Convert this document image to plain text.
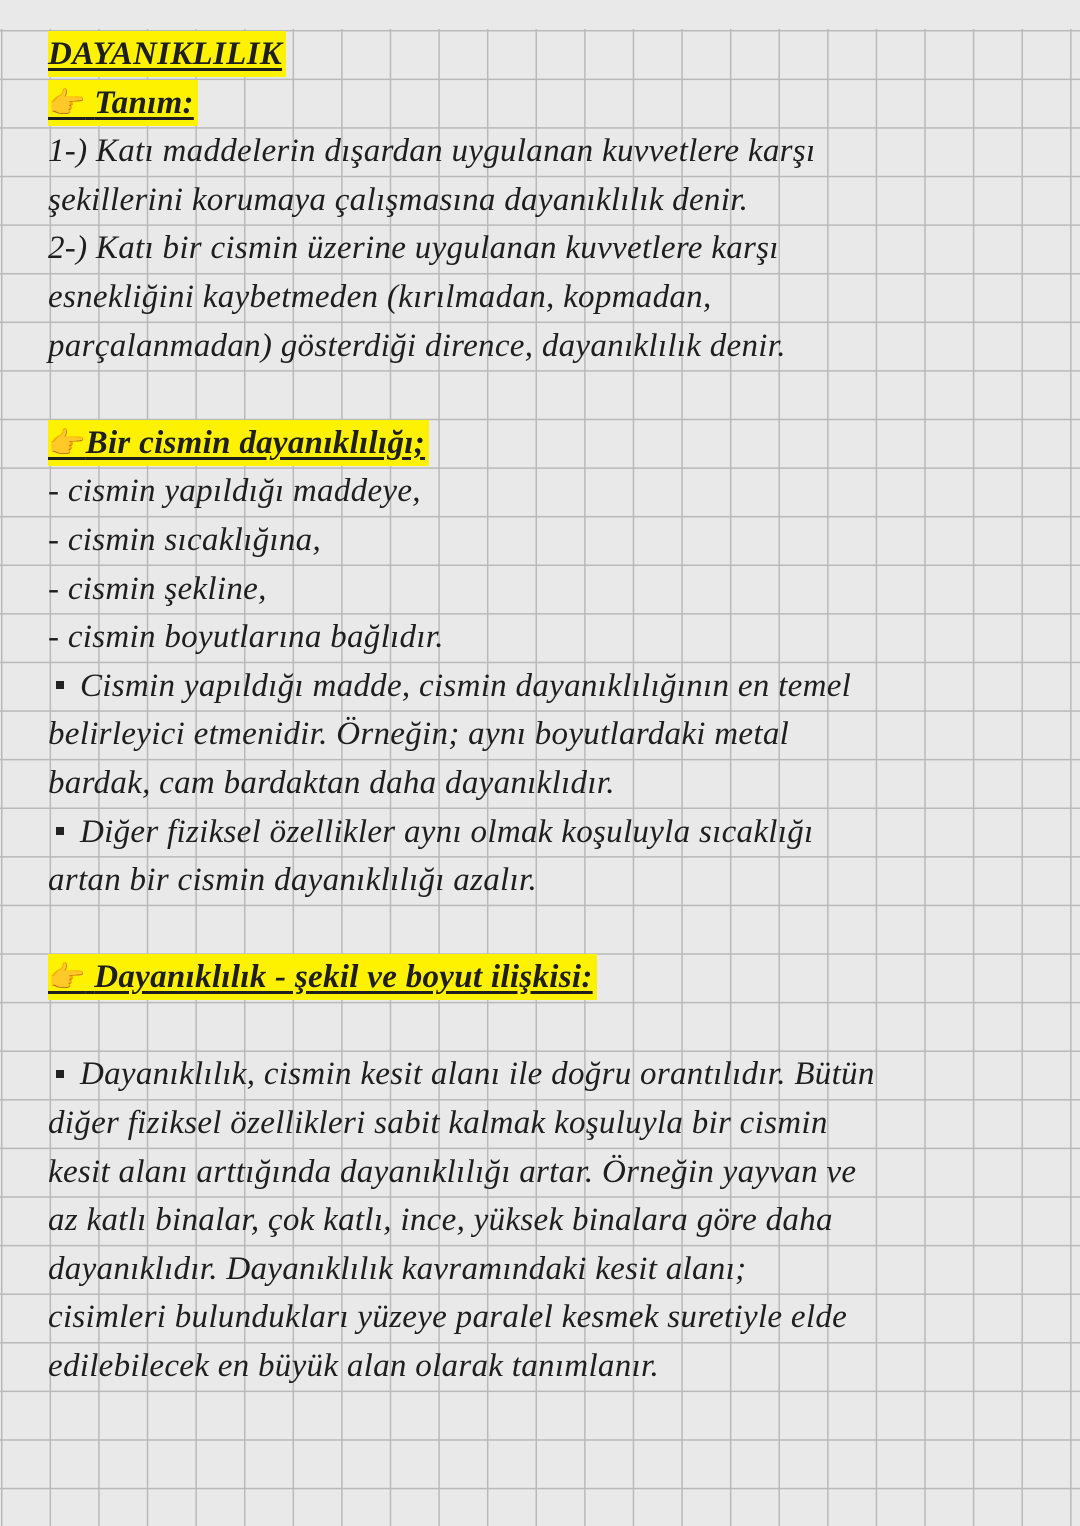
DAYANIKLILIK
👉 Tanım:
1-) Katı maddelerin dışardan uygulanan kuvvetlere karşı
şekillerini korumaya çalışmasına dayanıklılık denir.
2-) Katı bir cismin üzerine uygulanan kuvvetlere karşı
esnekliğini kaybetmeden (kırılmadan, kopmadan,
parçalanmadan) gösterdiği dirence, dayanıklılık denir.
👉Bir cismin dayanıklılığı;
- cismin yapıldığı maddeye,
- cismin sıcaklığına,
- cismin şekline,
- cismin boyutlarına bağlıdır.
Cismin yapıldığı madde, cismin dayanıklılığının en temel
belirleyici etmenidir. Örneğin; aynı boyutlardaki metal
bardak, cam bardaktan daha dayanıklıdır.
Diğer fiziksel özellikler aynı olmak koşuluyla sıcaklığı
artan bir cismin dayanıklılığı azalır.
👉 Dayanıklılık - şekil ve boyut ilişkisi:
Dayanıklılık, cismin kesit alanı ile doğru orantılıdır. Bütün
diğer fiziksel özellikleri sabit kalmak koşuluyla bir cismin
kesit alanı arttığında dayanıklılığı artar. Örneğin yayvan ve
az katlı binalar, çok katlı, ince, yüksek binalara göre daha
dayanıklıdır. Dayanıklılık kavramındaki kesit alanı;
cisimleri bulundukları yüzeye paralel kesmek suretiyle elde
edilebilecek en büyük alan olarak tanımlanır.
